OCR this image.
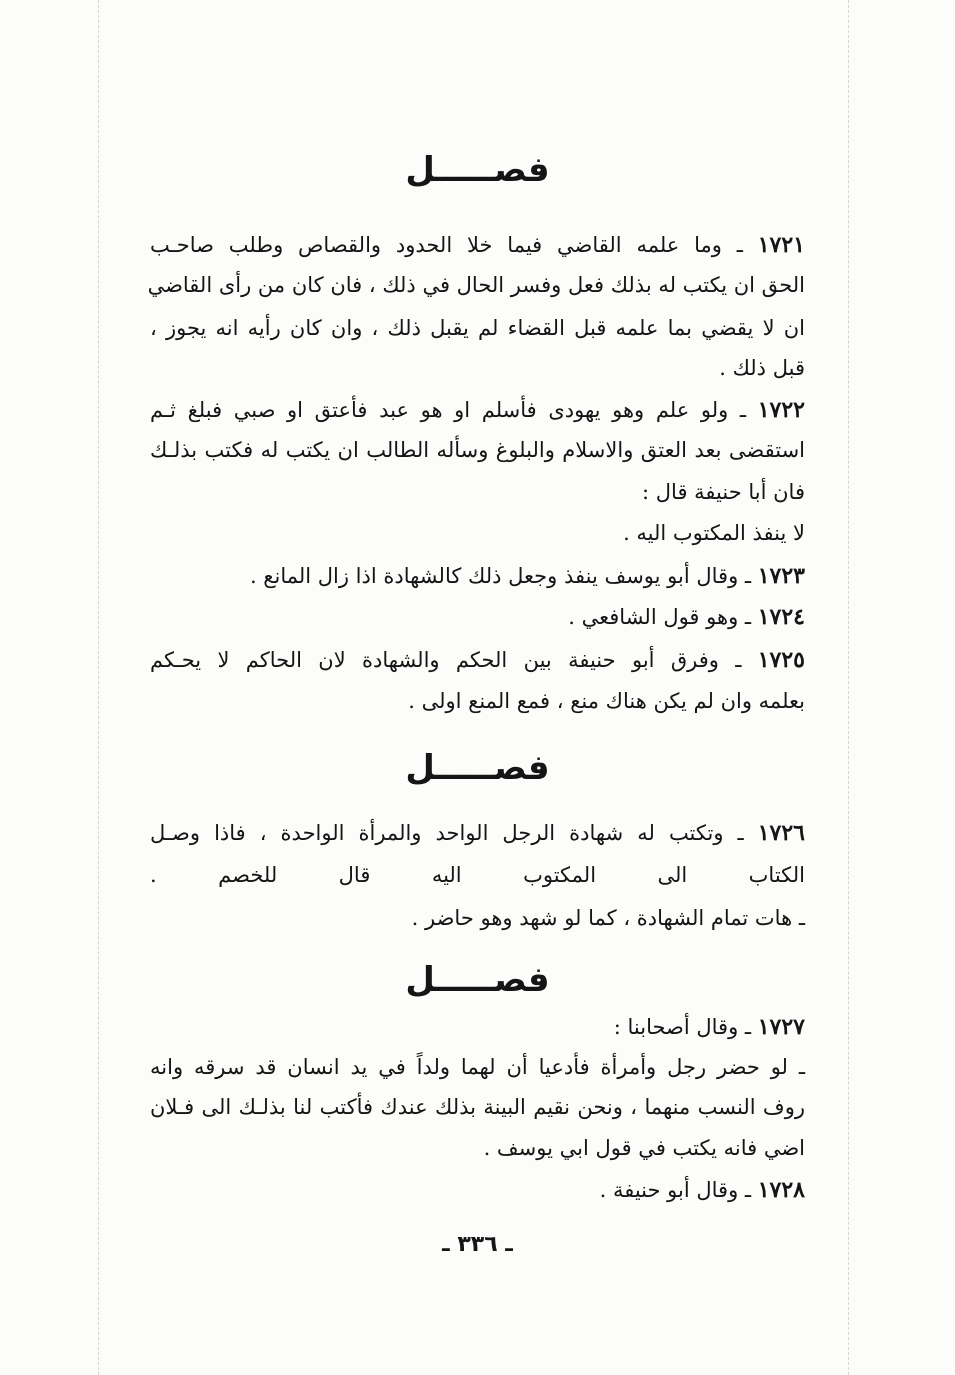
فصـــــل
١٧٢١ ـ وما علمه القاضي فيما خلا الحدود والقصاص وطلب صاحـب
الحق ان يكتب له بذلك فعل وفسر الحال في ذلك ، فان كان من رأى القاضي
ان لا يقضي بما علمه قبل القضاء لم يقبل ذلك ، وان كان رأيه انه يجوز ،
قبل ذلك .
١٧٢٢ ـ ولو علم وهو يهودى فأسلم او هو عبد فأعتق او صبي فبلغ ثـم
استقضى بعد العتق والاسلام والبلوغ وسأله الطالب ان يكتب له فكتب بذلـك
فان أبا حنيفة قال :
لا ينفذ المكتوب اليه .
١٧٢٣ ـ وقال أبو يوسف ينفذ وجعل ذلك كالشهادة اذا زال المانع .
١٧٢٤ ـ وهو قول الشافعي .
١٧٢٥ ـ وفرق أبو حنيفة بين الحكم والشهادة لان الحاكم لا يحـكم
بعلمه وان لم يكن هناك منع ، فمع المنع اولى .
فصـــــل
١٧٢٦ ـ وتكتب له شهادة الرجل الواحد والمرأة الواحدة ، فاذا وصـل
الكتاب الى المكتوب اليه قال للخصم .
ـ هات تمام الشهادة ، كما لو شهد وهو حاضر .
فصـــــل
١٧٢٧ ـ وقال أصحابنا :
ـ لو حضر رجل وأمرأة فأدعيا أن لهما ولداً في يد انسان قد سرقه وانه
روف النسب منهما ، ونحن نقيم البينة بذلك عندك فأكتب لنا بذلـك الى فـلان
اضي فانه يكتب في قول ابي يوسف .
١٧٢٨ ـ وقال أبو حنيفة .
ـ ٣٣٦ ـ
